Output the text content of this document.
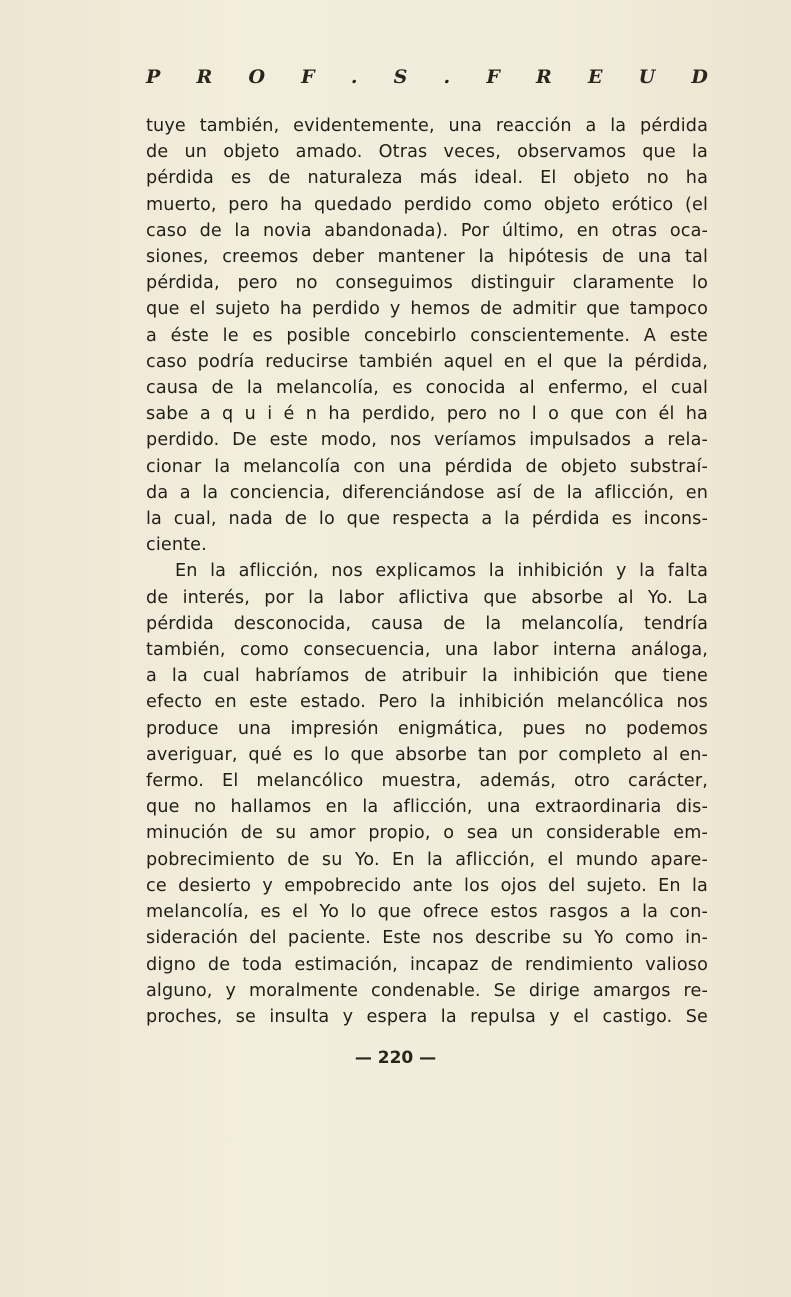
P R O F . S . F R E U D
tuye también, evidentemente, una reacción a la pérdida
de un objeto amado. Otras veces, observamos que la
pérdida es de naturaleza más ideal. El objeto no ha
muerto, pero ha quedado perdido como objeto erótico (el
caso de la novia abandonada). Por último, en otras oca-
siones, creemos deber mantener la hipótesis de una tal
pérdida, pero no conseguimos distinguir claramente lo
que el sujeto ha perdido y hemos de admitir que tampoco
a éste le es posible concebirlo conscientemente. A este
caso podría reducirse también aquel en el que la pérdida,
causa de la melancolía, es conocida al enfermo, el cual
sabe a q u i é n ha perdido, pero no l o que con él ha
perdido. De este modo, nos veríamos impulsados a rela-
cionar la melancolía con una pérdida de objeto substraí-
da a la conciencia, diferenciándose así de la aflicción, en
la cual, nada de lo que respecta a la pérdida es incons-
ciente.
En la aflicción, nos explicamos la inhibición y la falta
de interés, por la labor aflictiva que absorbe al Yo. La
pérdida desconocida, causa de la melancolía, tendría
también, como consecuencia, una labor interna análoga,
a la cual habríamos de atribuir la inhibición que tiene
efecto en este estado. Pero la inhibición melancólica nos
produce una impresión enigmática, pues no podemos
averiguar, qué es lo que absorbe tan por completo al en-
fermo. El melancólico muestra, además, otro carácter,
que no hallamos en la aflicción, una extraordinaria dis-
minución de su amor propio, o sea un considerable em-
pobrecimiento de su Yo. En la aflicción, el mundo apare-
ce desierto y empobrecido ante los ojos del sujeto. En la
melancolía, es el Yo lo que ofrece estos rasgos a la con-
sideración del paciente. Este nos describe su Yo como in-
digno de toda estimación, incapaz de rendimiento valioso
alguno, y moralmente condenable. Se dirige amargos re-
proches, se insulta y espera la repulsa y el castigo. Se
— 220 —
